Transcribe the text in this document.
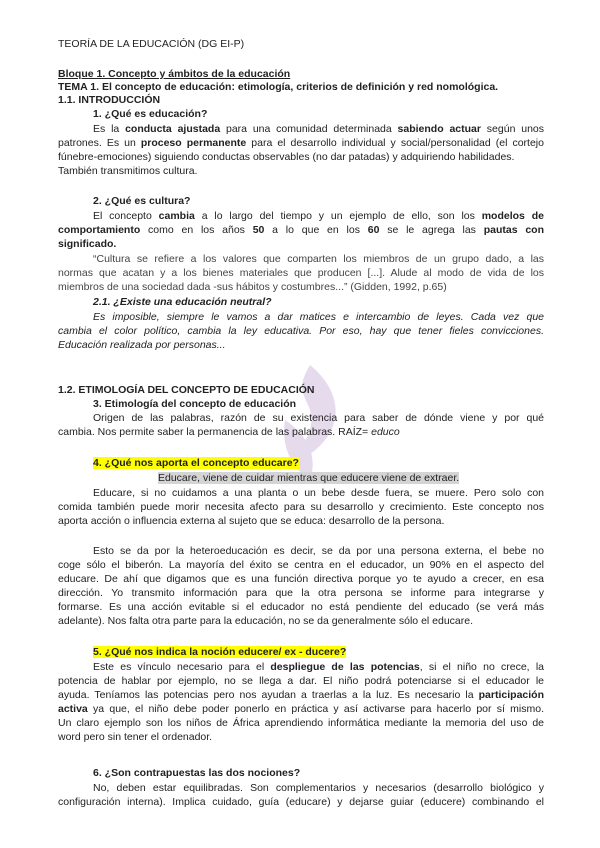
TEORÍA DE LA EDUCACIÓN (DG EI-P)
Bloque 1. Concepto y ámbitos de la educación
TEMA 1. El concepto de educación: etimología, criterios de definición y red nomológica.
1.1. INTRODUCCIÓN
1. ¿Qué es educación?
Es la conducta ajustada para una comunidad determinada sabiendo actuar según unos
patrones. Es un proceso permanente para el desarrollo individual y social/personalidad (el cortejo
fúnebre-emociones) siguiendo conductas observables (no dar patadas) y adquiriendo habilidades.
También transmitimos cultura.
2. ¿Qué es cultura?
El concepto cambia a lo largo del tiempo y un ejemplo de ello, son los modelos de
comportamiento como en los años 50 a lo que en los 60 se le agrega las pautas con
significado.
“Cultura se refiere a los valores que comparten los miembros de un grupo dado, a las
normas que acatan y a los bienes materiales que producen [...]. Alude al modo de vida de los
miembros de una sociedad dada -sus hábitos y costumbres...” (Gidden, 1992, p.65)
2.1. ¿Existe una educación neutral?
Es imposible, siempre le vamos a dar matices e intercambio de leyes. Cada vez que
cambia el color político, cambia la ley educativa. Por eso, hay que tener fieles convicciones.
Educación realizada por personas...
1.2. ETIMOLOGÍA DEL CONCEPTO DE EDUCACIÓN
3. Etimología del concepto de educación
Origen de las palabras, razón de su existencia para saber de dónde viene y por qué
cambia. Nos permite saber la permanencia de las palabras. RAÍZ= educo
4. ¿Qué nos aporta el concepto educare?
Educare, viene de cuidar mientras que educere viene de extraer.
Educare, si no cuidamos a una planta o un bebe desde fuera, se muere. Pero solo con
comida también puede morir necesita afecto para su desarrollo y crecimiento. Este concepto nos
aporta acción o influencia externa al sujeto que se educa: desarrollo de la persona.
Esto se da por la heteroeducación es decir, se da por una persona externa, el bebe no
coge sólo el biberón. La mayoría del éxito se centra en el educador, un 90% en el aspecto del
educare. De ahí que digamos que es una función directiva porque yo te ayudo a crecer, en esa
dirección. Yo transmito información para que la otra persona se informe para integrarse y
formarse. Es una acción evitable si el educador no está pendiente del educado (se verá más
adelante). Nos falta otra parte para la educación, no se da generalmente sólo el educare.
5. ¿Qué nos indica la noción educere/ ex - ducere?
Este es vínculo necesario para el despliegue de las potencias, si el niño no crece, la
potencia de hablar por ejemplo, no se llega a dar. El niño podrá potenciarse si el educador le
ayuda. Teníamos las potencias pero nos ayudan a traerlas a la luz. Es necesario la participación
activa ya que, el niño debe poder ponerlo en práctica y así activarse para hacerlo por sí mismo.
Un claro ejemplo son los niños de África aprendiendo informática mediante la memoria del uso de
word pero sin tener el ordenador.
6. ¿Son contrapuestas las dos nociones?
No, deben estar equilibradas. Son complementarios y necesarios (desarrollo biológico y
configuración interna). Implica cuidado, guía (educare) y dejarse guiar (educere) combinando el
